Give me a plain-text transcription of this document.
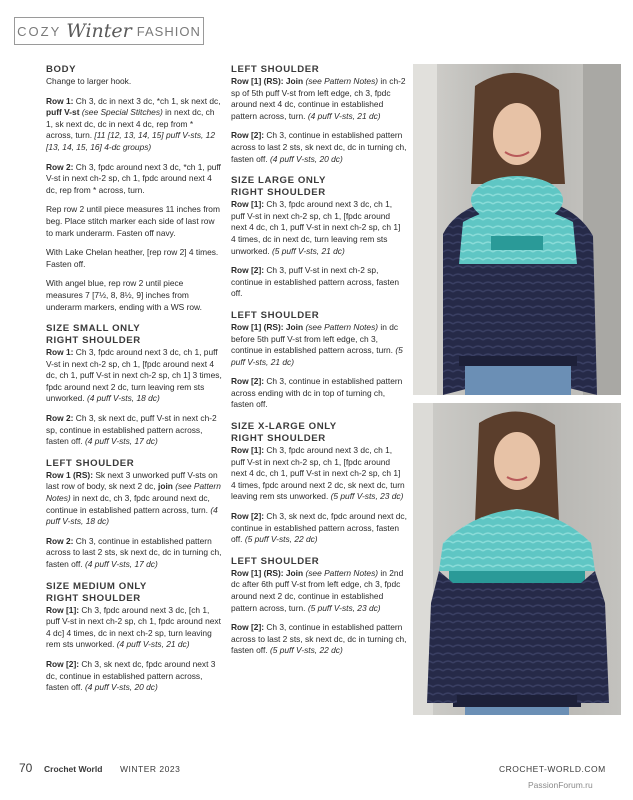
COZY Winter FASHION
BODY
Change to larger hook.
Row 1: Ch 3, dc in next 3 dc, *ch 1, sk next dc, puff V-st (see Special Stitches) in next dc, ch 1, sk next dc, dc in next 4 dc, rep from * across, turn. [11 [12, 13, 14, 15] puff V-sts, 12 [13, 14, 15, 16] 4-dc groups)
Row 2: Ch 3, fpdc around next 3 dc, *ch 1, puff V-st in next ch-2 sp, ch 1, fpdc around next 4 dc, rep from * across, turn.
Rep row 2 until piece measures 11 inches from beg. Place stitch marker each side of last row to mark underarm. Fasten off navy.
With Lake Chelan heather, [rep row 2] 4 times. Fasten off.
With angel blue, rep row 2 until piece measures 7 [7½, 8, 8½, 9] inches from underarm markers, ending with a WS row.
SIZE SMALL ONLY
RIGHT SHOULDER
Row 1: Ch 3, fpdc around next 3 dc, ch 1, puff V-st in next ch-2 sp, ch 1, [fpdc around next 4 dc, ch 1, puff V-st in next ch-2 sp, ch 1] 3 times, fpdc around next 2 dc, turn leaving rem sts unworked. (4 puff V-sts, 18 dc)
Row 2: Ch 3, sk next dc, puff V-st in next ch-2 sp, continue in established pattern across, fasten off. (4 puff V-sts, 17 dc)
LEFT SHOULDER
Row 1 (RS): Sk next 3 unworked puff V-sts on last row of body, sk next 2 dc, join (see Pattern Notes) in next dc, ch 3, fpdc around next dc, continue in established pattern across, turn. (4 puff V-sts, 18 dc)
Row 2: Ch 3, continue in established pattern across to last 2 sts, sk next dc, dc in turning ch, fasten off. (4 puff V-sts, 17 dc)
SIZE MEDIUM ONLY
RIGHT SHOULDER
Row [1]: Ch 3, fpdc around next 3 dc, [ch 1, puff V-st in next ch-2 sp, ch 1, fpdc around next 4 dc] 4 times, dc in next ch-2 sp, turn leaving rem sts unworked. (4 puff V-sts, 21 dc)
Row [2]: Ch 3, sk next dc, fpdc around next 3 dc, continue in established pattern across, fasten off. (4 puff V-sts, 20 dc)
LEFT SHOULDER
Row [1] (RS): Join (see Pattern Notes) in ch-2 sp of 5th puff V-st from left edge, ch 3, fpdc around next 4 dc, continue in established pattern across, turn. (4 puff V-sts, 21 dc)
Row [2]: Ch 3, continue in established pattern across to last 2 sts, sk next dc, dc in turning ch, fasten off. (4 puff V-sts, 20 dc)
SIZE LARGE ONLY
RIGHT SHOULDER
Row [1]: Ch 3, fpdc around next 3 dc, ch 1, puff V-st in next ch-2 sp, ch 1, [fpdc around next 4 dc, ch 1, puff V-st in next ch-2 sp, ch 1] 4 times, dc in next dc, turn leaving rem sts unworked. (5 puff V-sts, 21 dc)
Row [2]: Ch 3, puff V-st in next ch-2 sp, continue in established pattern across, fasten off.
LEFT SHOULDER
Row [1] (RS): Join (see Pattern Notes) in dc before 5th puff V-st from left edge, ch 3, continue in established pattern across, turn. (5 puff V-sts, 21 dc)
Row [2]: Ch 3, continue in established pattern across ending with dc in top of turning ch, fasten off.
SIZE X-LARGE ONLY
RIGHT SHOULDER
Row [1]: Ch 3, fpdc around next 3 dc, ch 1, puff V-st in next ch-2 sp, ch 1, [fpdc around next 4 dc, ch 1, puff V-st in next ch-2 sp, ch 1] 4 times, fpdc around next 2 dc, sk next dc, turn leaving rem sts unworked. (5 puff V-sts, 23 dc)
Row [2]: Ch 3, sk next dc, fpdc around next dc, continue in established pattern across, fasten off. (5 puff V-sts, 22 dc)
LEFT SHOULDER
Row [1] (RS): Join (see Pattern Notes) in 2nd dc after 6th puff V-st from left edge, ch 3, fpdc around next 2 dc, continue in established pattern across, turn. (5 puff V-sts, 23 dc)
Row [2]: Ch 3, continue in established pattern across to last 2 sts, sk next dc, dc in turning ch, fasten off. (5 puff V-sts, 22 dc)
70 Crochet World WINTER 2023	CROCHET-WORLD.COM
PassionForum.ru
